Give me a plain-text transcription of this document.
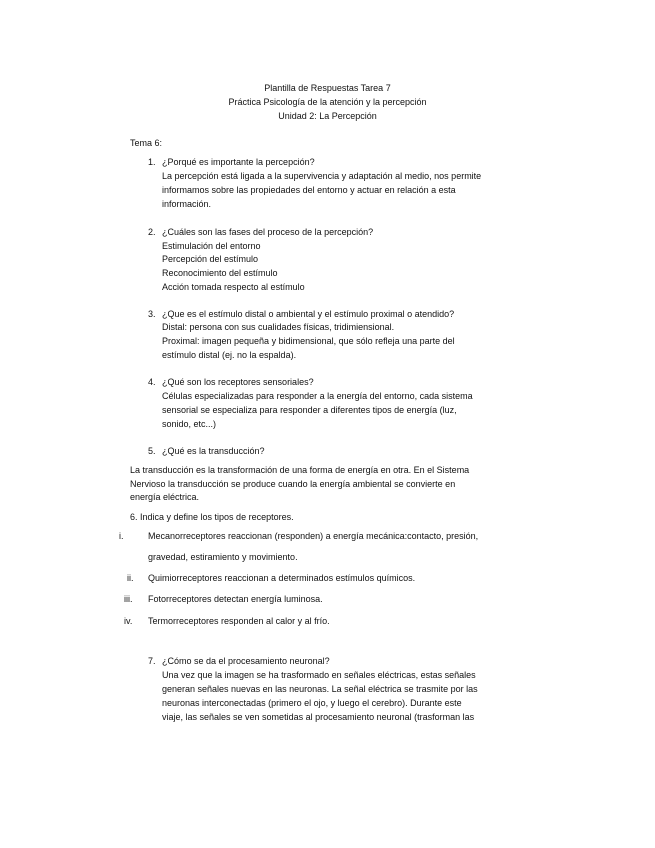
Plantilla de Respuestas Tarea 7
Práctica Psicología de la atención y la percepción
Unidad 2: La Percepción
Tema 6:
1. ¿Porqué es importante la percepción?
La percepción está ligada a la supervivencia y adaptación al medio, nos permite
informamos sobre las propiedades del entorno y actuar en relación a esta
información.
2. ¿Cuáles son las fases del proceso de la percepción?
Estimulación del entorno
Percepción del estímulo
Reconocimiento del estímulo
Acción tomada respecto al estímulo
3. ¿Que es el estímulo distal o ambiental y el estímulo proximal o atendido?
Distal: persona con sus cualidades físicas, tridimiensional.
Proximal: imagen pequeña y bidimensional, que sólo refleja una parte del
estímulo distal (ej. no la espalda).
4. ¿Qué son los receptores sensoriales?
Células especializadas para responder a la energía del entorno, cada sistema
sensorial se especializa para responder a diferentes tipos de energía (luz,
sonido, etc...)
5. ¿Qué es la transducción?
La transducción es la transformación de una forma de energía en otra. En el Sistema
Nervioso la transducción se produce cuando la energía ambiental se convierte en
energía eléctrica.
6. Indica y define los tipos de receptores.
i.	Mecanorreceptores reaccionan (responden) a energía mecánica:contacto, presión,
gravedad, estiramiento y movimiento.
ii. Quimiorreceptores reaccionan a determinados estímulos químicos.
iii. Fotorreceptores detectan energía luminosa.
iv. Termorreceptores responden al calor y al frío.
7. ¿Cómo se da el procesamiento neuronal?
Una vez que la imagen se ha trasformado en señales eléctricas, estas señales
generan señales nuevas en las neuronas. La señal eléctrica se trasmite por las
neuronas interconectadas (primero el ojo, y luego el cerebro). Durante este
viaje, las señales se ven sometidas al procesamiento neuronal (trasforman las
